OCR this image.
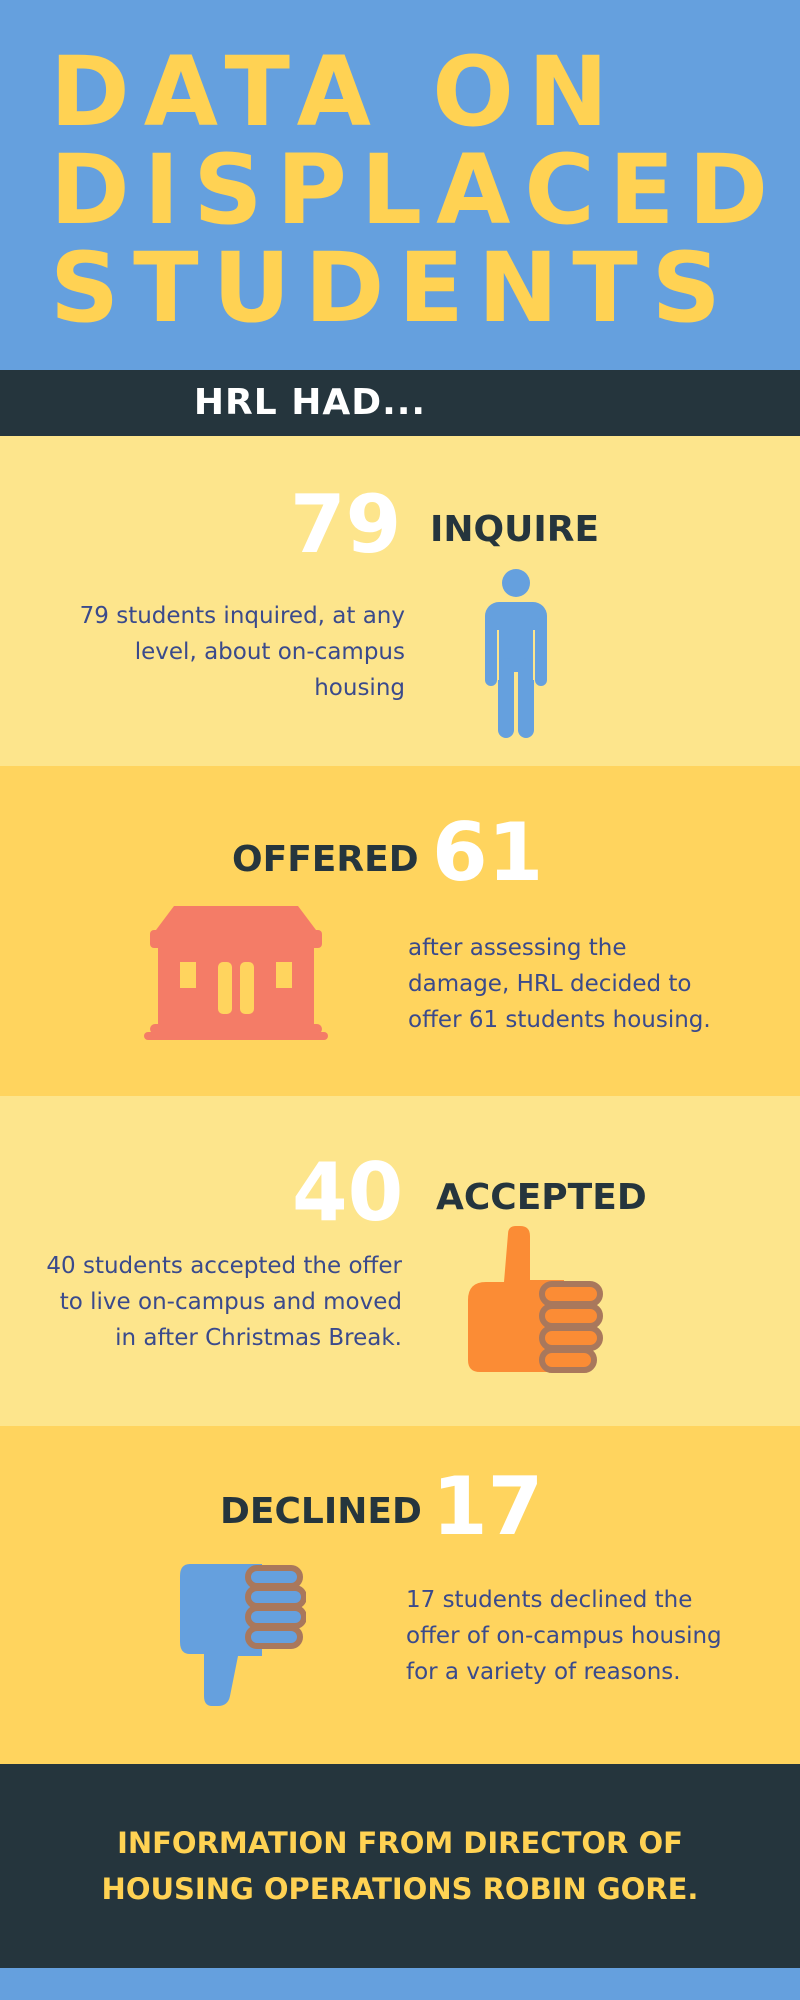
DATA ON
DISPLACED
STUDENTS
HRL HAD...
79 INQUIRE
79 students inquired, at any
level, about on-campus
housing
OFFERED 61
after assessing the
damage, HRL decided to
offer 61 students housing.
40 ACCEPTED
40 students accepted the offer
to live on-campus and moved
in after Christmas Break.
DECLINED 17
17 students declined the
offer of on-campus housing
for a variety of reasons.
INFORMATION FROM DIRECTOR OF
HOUSING OPERATIONS ROBIN GORE.
